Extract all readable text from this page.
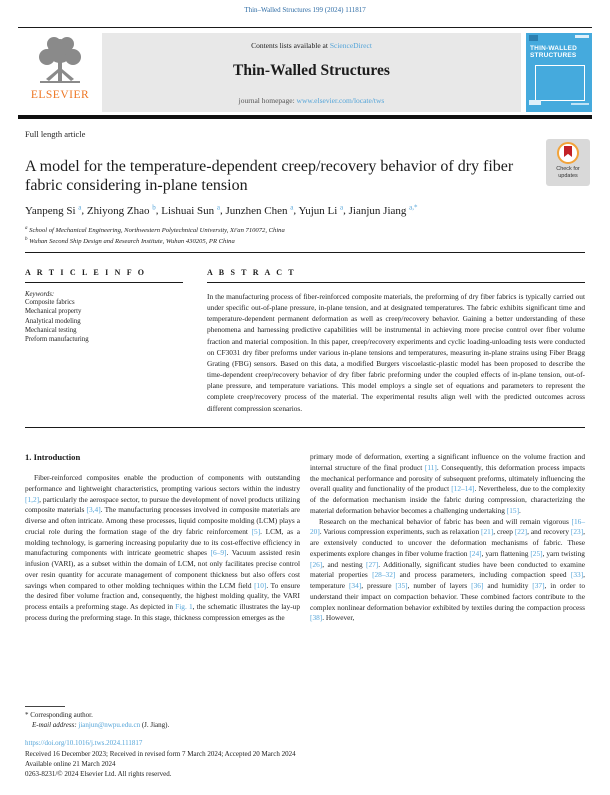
Thin–Walled Structures 199 (2024) 111817
ELSEVIER
Contents lists available at ScienceDirect
Thin-Walled Structures
journal homepage: www.elsevier.com/locate/tws
THIN-WALLED STRUCTURES
Full length article
A model for the temperature-dependent creep/recovery behavior of dry fiber fabric considering in-plane tension
Check for
updates
Yanpeng Si $^a$, Zhiyong Zhao $^b$, Lishuai Sun $^a$, Junzhen Chen $^a$, Yujun Li $^a$, Jianjun Jiang $^{a,*}$
$^a$ School of Mechanical Engineering, Northwestern Polytechnical University, Xi'an 710072, China
$^b$ Wuhan Second Ship Design and Research Institute, Wuhan 430205, PR China
A R T I C L E I N F O
Keywords:
Composite fabrics
Mechanical property
Analytical modeling
Mechanical testing
Preform manufacturing
A B S T R A C T
In the manufacturing process of fiber-reinforced composite materials, the preforming of dry fiber fabrics is typically carried out under specific out-of-plane pressure, in-plane tension, and at designated temperatures. The fabric exhibits significant time and temperature-dependent permanent deformation as well as creep/recovery behavior. Gaining a better understanding of these phenomena and harnessing predictive capabilities will be instrumental in achieving more precise control over fiber volume fraction and material composition. In this paper, creep/recovery experiments and cyclic loading-unloading tests were conducted on CF3031 dry fiber preforms under various in-plane tensions and temperatures, measuring in-plane strains using Fiber Bragg Grating (FBG) sensors. Based on this data, a modified Burgers viscoelastic-plastic model has been proposed to describe the time-dependent creep/recovery behavior of dry fiber fabric preforming under the coupled effects of in-plane tension, out-of-plane pressure, and temperature variations. This model employs a single set of equations and parameters to represent the complete creep/recovery process of the material. The experimental results align well with the predicted outcomes across different compression scenarios.
1. Introduction

Fiber-reinforced composites enable the production of components with outstanding performance and lightweight characteristics, prompting various sectors within the industry [1,2], particularly the aerospace sector, to pursue the development of novel products utilizing composite materials [3,4]. The manufacturing processes involved in composite materials are diverse and often intricate. Among these processes, liquid composite molding (LCM) plays a crucial role during the formation stage of the dry fabric reinforcement [5]. LCM, as a molding technology, is garnering increasing popularity due to its cost-effective efficiency in manufacturing components with intricate geometric shapes [6–9]. Vacuum assisted resin infusion (VARI), as a subset within the domain of LCM, not only facilitates precise control over resin quantity for accurate management of component thickness but also offers cost savings when compared to other molding techniques within the LCM field [10]. To ensure the desired fiber volume fraction and, consequently, the highest molding quality, the VARI process entails a preforming stage. As depicted in Fig. 1, the schematic illustrates the lay-up process during the preforming stage. In this stage, thickness compression emerges as the

primary mode of deformation, exerting a significant influence on the volume fraction and internal structure of the final product [11]. Consequently, this deformation process impacts the mechanical performance and porosity of subsequent preforms, ultimately influencing the overall quality and functionality of the product [12–14]. Nevertheless, due to the complexity of the deformation mechanism inside the fabric during compression, characterizing the material deformation behavior becomes a challenging undertaking [15].

Research on the mechanical behavior of fabric has been and will remain vigorous [16–20]. Various compression experiments, such as relaxation [21], creep [22], and recovery [23], are extensively conducted to uncover the deformation mechanisms of fabric. These experiments explore changes in fiber volume fraction [24], yarn flattening [25], yarn twisting [26], and nesting [27]. Additionally, significant studies have been conducted to examine material properties [28–32] and process parameters, including compaction speed [33], temperature [34], pressure [35], number of layers [36] and humidity [37], in order to understand their impact on compaction behavior. These combined factors contribute to the complex nonlinear deformation behavior exhibited by textiles during the compaction process [38]. However,

* Corresponding author.
E-mail address: jianjun@nwpu.edu.cn (J. Jiang).
https://doi.org/10.1016/j.tws.2024.111817
Received 16 December 2023; Received in revised form 7 March 2024; Accepted 20 March 2024
Available online 21 March 2024
0263-8231/© 2024 Elsevier Ltd. All rights reserved.
